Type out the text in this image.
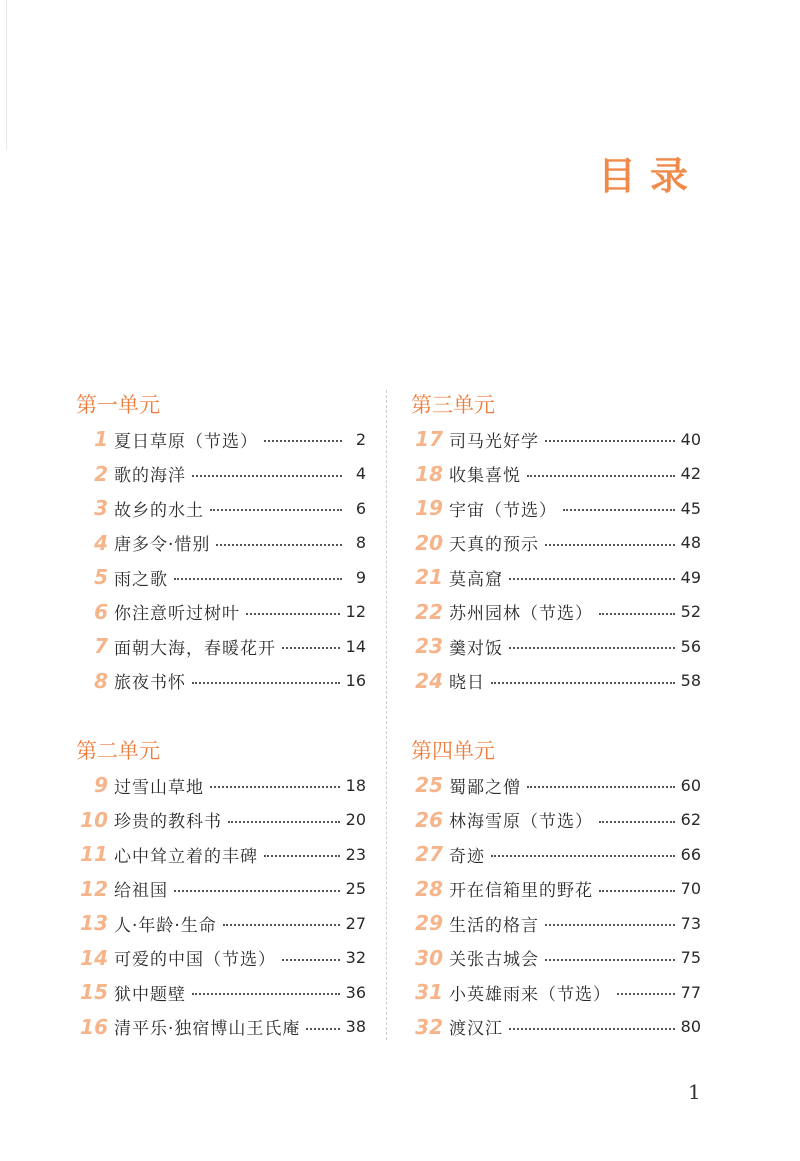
目录
第一单元
1 夏日草原（节选）	2
2 歌的海洋	4
3 故乡的水土	6
4 唐多令·惜别	8
5 雨之歌	9
6 你注意听过树叶	12
7 面朝大海，春暖花开	14
8 旅夜书怀	16
第二单元
9 过雪山草地	18
10 珍贵的教科书	20
11 心中耸立着的丰碑	23
12 给祖国	25
13 人·年龄·生命	27
14 可爱的中国（节选）	32
15 狱中题壁	36
16 清平乐·独宿博山王氏庵	38
第三单元
17 司马光好学	40
18 收集喜悦	42
19 宇宙（节选）	45
20 天真的预示	48
21 莫高窟	49
22 苏州园林（节选）	52
23 羹对饭	56
24 晓日	58
第四单元
25 蜀鄙之僧	60
26 林海雪原（节选）	62
27 奇迹	66
28 开在信箱里的野花	70
29 生活的格言	73
30 关张古城会	75
31 小英雄雨来（节选）	77
32 渡汉江	80
1
